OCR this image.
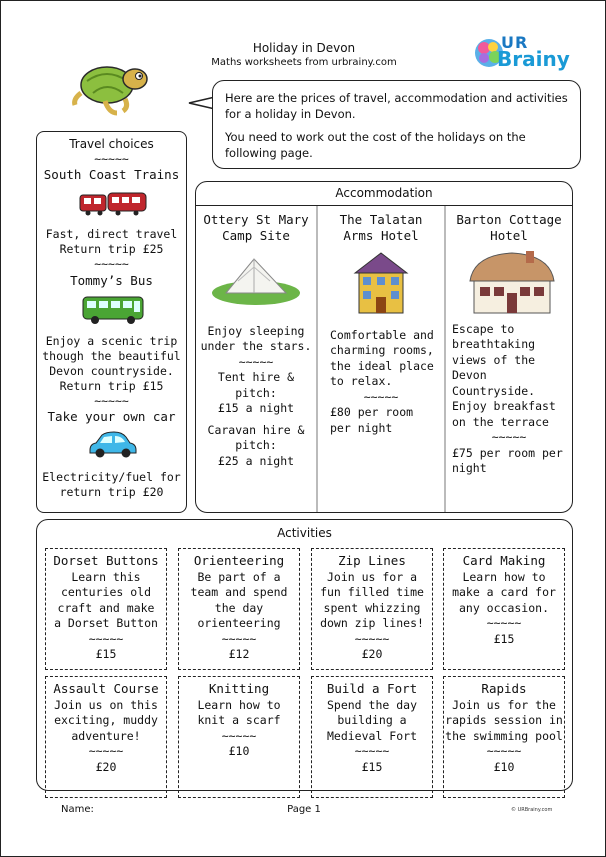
Holiday in Devon
Maths worksheets from urbrainy.com
UR
Brainy

Here are the prices of travel, accommodation and activities for a holiday in Devon.

You need to work out the cost of the holidays on the following page.

Travel choices
~~~~~
South Coast Trains
Fast, direct travel
Return trip £25
~~~~~
Tommy’s Bus
Enjoy a scenic trip
though the beautiful
Devon countryside.
Return trip £15
~~~~~
Take your own car
Electricity/fuel for
return trip £20
Accommodation
Ottery St Mary
Camp Site
Enjoy sleeping
under the stars.
~~~~~
Tent hire &
pitch:
£15 a night
Caravan hire &
pitch:
£25 a night
The Talatan
Arms Hotel
Comfortable and
charming rooms,
the ideal place
to relax.
~~~~~
£80 per room
per night
Barton Cottage
Hotel
Escape to
breathtaking
views of the
Devon
Countryside.
Enjoy breakfast
on the terrace
~~~~~
£75 per room per
night
Activities
Dorset Buttons
Learn this
centuries old
craft and make
a Dorset Button
~~~~~
£15
Orienteering
Be part of a
team and spend
the day
orienteering
~~~~~
£12
Zip Lines
Join us for a
fun filled time
spent whizzing
down zip lines!
~~~~~
£20
Card Making
Learn how to
make a card for
any occasion.
~~~~~
£15
Assault Course
Join us on this
exciting, muddy
adventure!
~~~~~
£20
Knitting
Learn how to
knit a scarf
~~~~~
£10
Build a Fort
Spend the day
building a
Medieval Fort
~~~~~
£15
Rapids
Join us for the
rapids session in
the swimming pool
~~~~~
£10
Name:	Page 1	© URBrainy.com
